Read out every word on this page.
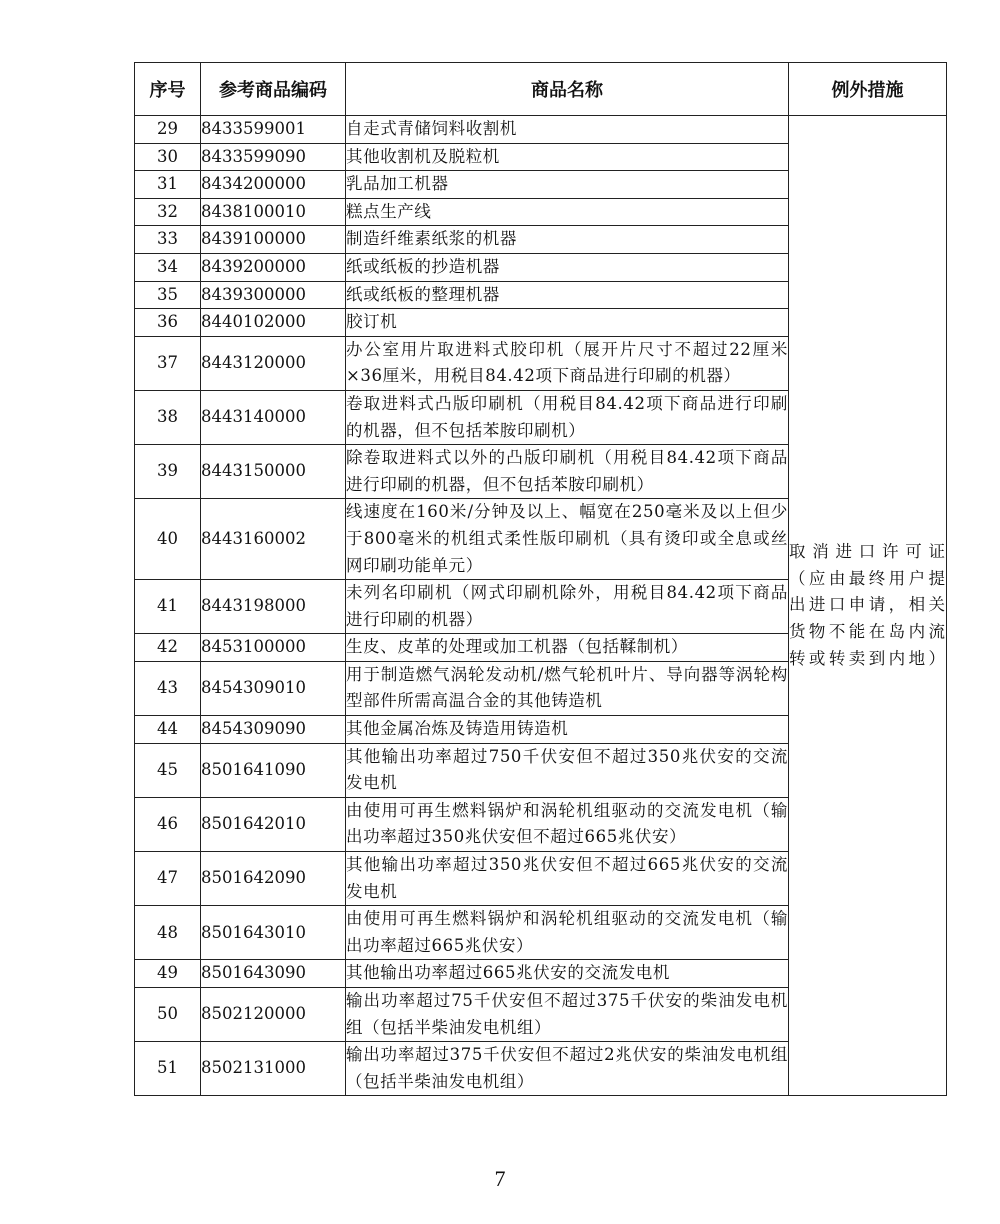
序号	参考商品编码	商品名称	例外措施
29	8433599001	自走式青储饲料收割机	取消进口许可证（应由最终用户提出进口申请，相关货物不能在岛内流转或转卖到内地）
30	8433599090	其他收割机及脱粒机	
31	8434200000	乳品加工机器	
32	8438100010	糕点生产线	
33	8439100000	制造纤维素纸浆的机器	
34	8439200000	纸或纸板的抄造机器	
35	8439300000	纸或纸板的整理机器	
36	8440102000	胶订机	
37	8443120000	办公室用片取进料式胶印机（展开片尺寸不超过22厘米×36厘米，用税目84.42项下商品进行印刷的机器）	
38	8443140000	卷取进料式凸版印刷机（用税目84.42项下商品进行印刷的机器，但不包括苯胺印刷机）	
39	8443150000	除卷取进料式以外的凸版印刷机（用税目84.42项下商品进行印刷的机器，但不包括苯胺印刷机）	
40	8443160002	线速度在160米/分钟及以上、幅宽在250毫米及以上但少于800毫米的机组式柔性版印刷机（具有烫印或全息或丝网印刷功能单元）	
41	8443198000	未列名印刷机（网式印刷机除外，用税目84.42项下商品进行印刷的机器）	
42	8453100000	生皮、皮革的处理或加工机器（包括鞣制机）	
43	8454309010	用于制造燃气涡轮发动机/燃气轮机叶片、导向器等涡轮构型部件所需高温合金的其他铸造机	
44	8454309090	其他金属冶炼及铸造用铸造机	
45	8501641090	其他输出功率超过750千伏安但不超过350兆伏安的交流发电机	
46	8501642010	由使用可再生燃料锅炉和涡轮机组驱动的交流发电机（输出功率超过350兆伏安但不超过665兆伏安）	
47	8501642090	其他输出功率超过350兆伏安但不超过665兆伏安的交流发电机	
48	8501643010	由使用可再生燃料锅炉和涡轮机组驱动的交流发电机（输出功率超过665兆伏安）	
49	8501643090	其他输出功率超过665兆伏安的交流发电机	
50	8502120000	输出功率超过75千伏安但不超过375千伏安的柴油发电机组（包括半柴油发电机组）	
51	8502131000	输出功率超过375千伏安但不超过2兆伏安的柴油发电机组（包括半柴油发电机组）	
7
